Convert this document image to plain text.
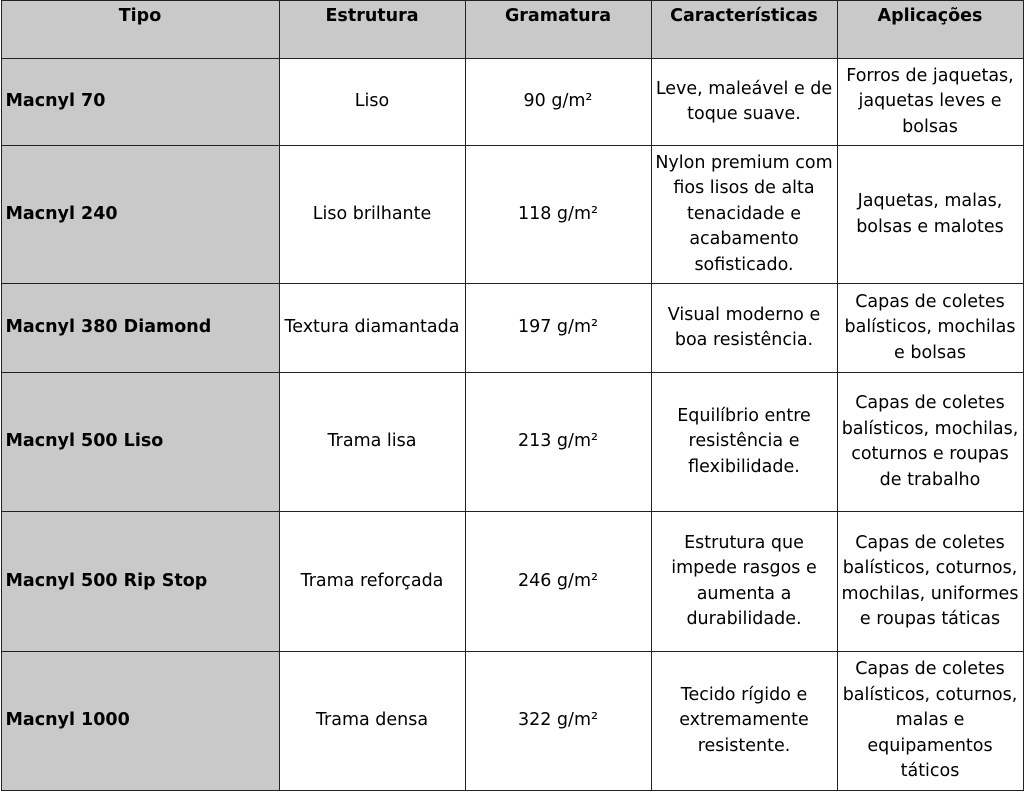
Tipo	Estrutura	Gramatura	Características	Aplicações
Macnyl 70	Liso	90 g/m²	Leve, maleável e de toque suave.	Forros de jaquetas, jaquetas leves e bolsas
Macnyl 240	Liso brilhante	118 g/m²	Nylon premium com fios lisos de alta tenacidade e acabamento sofisticado.	Jaquetas, malas, bolsas e malotes
Macnyl 380 Diamond	Textura diamantada	197 g/m²	Visual moderno e boa resistência.	Capas de coletes balísticos, mochilas e bolsas
Macnyl 500 Liso	Trama lisa	213 g/m²	Equilíbrio entre resistência e flexibilidade.	Capas de coletes balísticos, mochilas, coturnos e roupas de trabalho
Macnyl 500 Rip Stop	Trama reforçada	246 g/m²	Estrutura que impede rasgos e aumenta a durabilidade.	Capas de coletes balísticos, coturnos, mochilas, uniformes e roupas táticas
Macnyl 1000	Trama densa	322 g/m²	Tecido rígido e extremamente resistente.	Capas de coletes balísticos, coturnos, malas e equipamentos táticos
